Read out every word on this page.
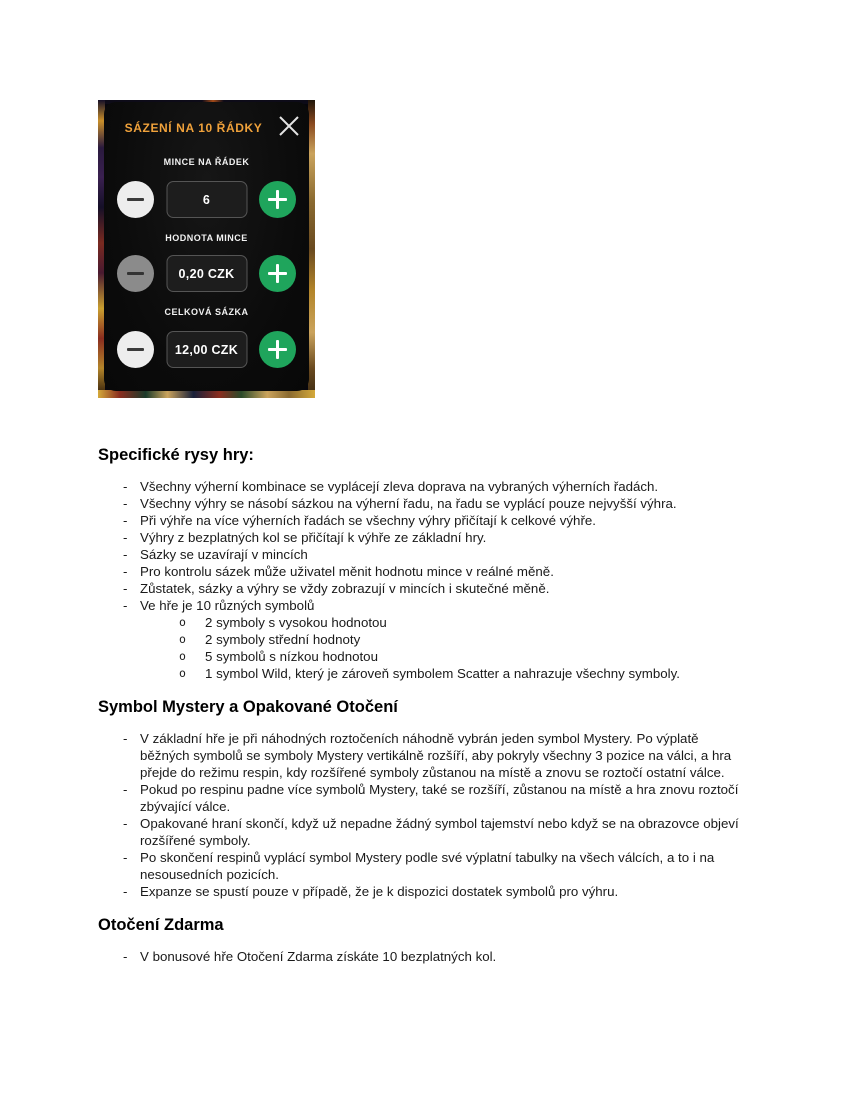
SÁZENÍ NA 10 ŘÁDKY
MINCE NA ŘÁDEK
6
HODNOTA MINCE
0,20 CZK
CELKOVÁ SÁZKA
12,00 CZK
Specifické rysy hry:
- Všechny výherní kombinace se vyplácejí zleva doprava na vybraných výherních řadách.
- Všechny výhry se násobí sázkou na výherní řadu, na řadu se vyplácí pouze nejvyšší výhra.
- Při výhře na více výherních řadách se všechny výhry přičítají k celkové výhře.
- Výhry z bezplatných kol se přičítají k výhře ze základní hry.
- Sázky se uzavírají v mincích
- Pro kontrolu sázek může uživatel měnit hodnotu mince v reálné měně.
- Zůstatek, sázky a výhry se vždy zobrazují v mincích i skutečné měně.
- Ve hře je 10 různých symbolů
o 2 symboly s vysokou hodnotou
o 2 symboly střední hodnoty
o 5 symbolů s nízkou hodnotou
o 1 symbol Wild, který je zároveň symbolem Scatter a nahrazuje všechny symboly.
Symbol Mystery a Opakované Otočení
- V základní hře je při náhodných roztočeních náhodně vybrán jeden symbol Mystery. Po výplatě běžných symbolů se symboly Mystery vertikálně rozšíří, aby pokryly všechny 3 pozice na válci, a hra přejde do režimu respin, kdy rozšířené symboly zůstanou na místě a znovu se roztočí ostatní válce.
- Pokud po respinu padne více symbolů Mystery, také se rozšíří, zůstanou na místě a hra znovu roztočí zbývající válce.
- Opakované hraní skončí, když už nepadne žádný symbol tajemství nebo když se na obrazovce objeví rozšířené symboly.
- Po skončení respinů vyplácí symbol Mystery podle své výplatní tabulky na všech válcích, a to i na nesousedních pozicích.
- Expanze se spustí pouze v případě, že je k dispozici dostatek symbolů pro výhru.
Otočení Zdarma
- V bonusové hře Otočení Zdarma získáte 10 bezplatných kol.
